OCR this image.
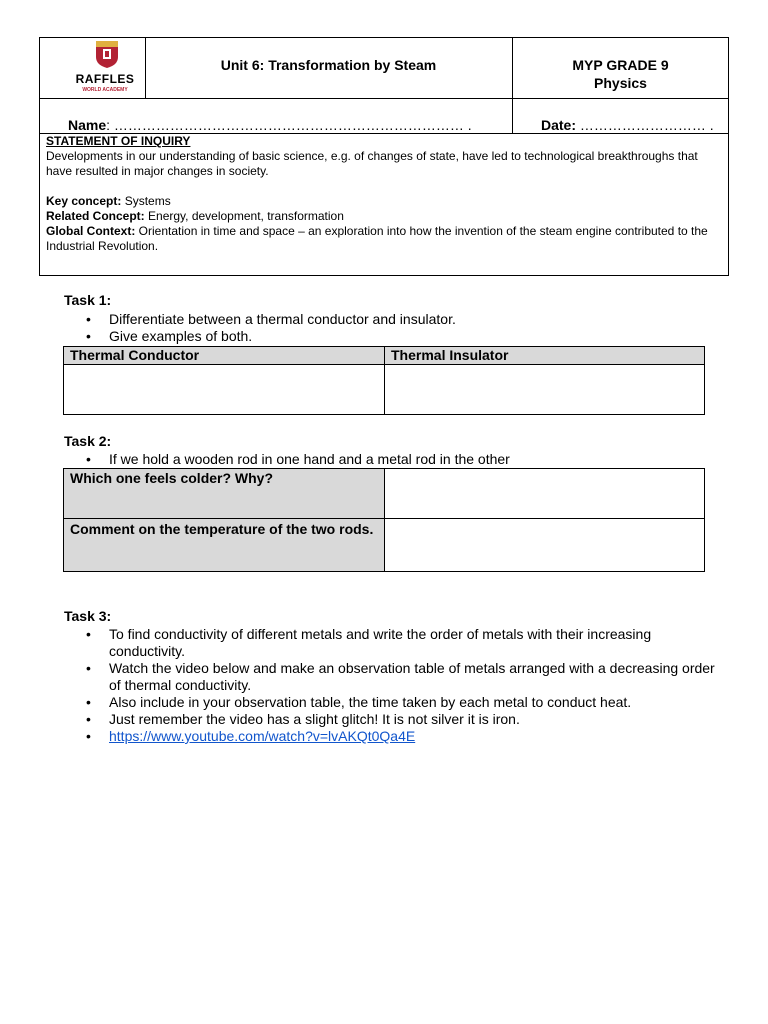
RAFFLES
WORLD ACADEMY
Unit 6: Transformation by Steam	MYP GRADE 9
Physics
Name: ………………………………………………………………… .	Date: ……………………… .
STATEMENT OF INQUIRY
Developments in our understanding of basic science, e.g. of changes of state, have led to technological breakthroughs that have resulted in major changes in society.
Key concept: Systems
Related Concept: Energy, development, transformation
Global Context: Orientation in time and space – an exploration into how the invention of the steam engine contributed to the Industrial Revolution.
Task 1:
• Differentiate between a thermal conductor and insulator.
• Give examples of both.
Thermal Conductor	Thermal Insulator

Task 2:
• If we hold a wooden rod in one hand and a metal rod in the other
Which one feels colder? Why?	
Comment on the temperature of the two rods.	
Task 3:
• To find conductivity of different metals and write the order of metals with their increasing conductivity.
• Watch the video below and make an observation table of metals arranged with a decreasing order of thermal conductivity.
• Also include in your observation table, the time taken by each metal to conduct heat.
• Just remember the video has a slight glitch! It is not silver it is iron.
• https://www.youtube.com/watch?v=lvAKQt0Qa4E
